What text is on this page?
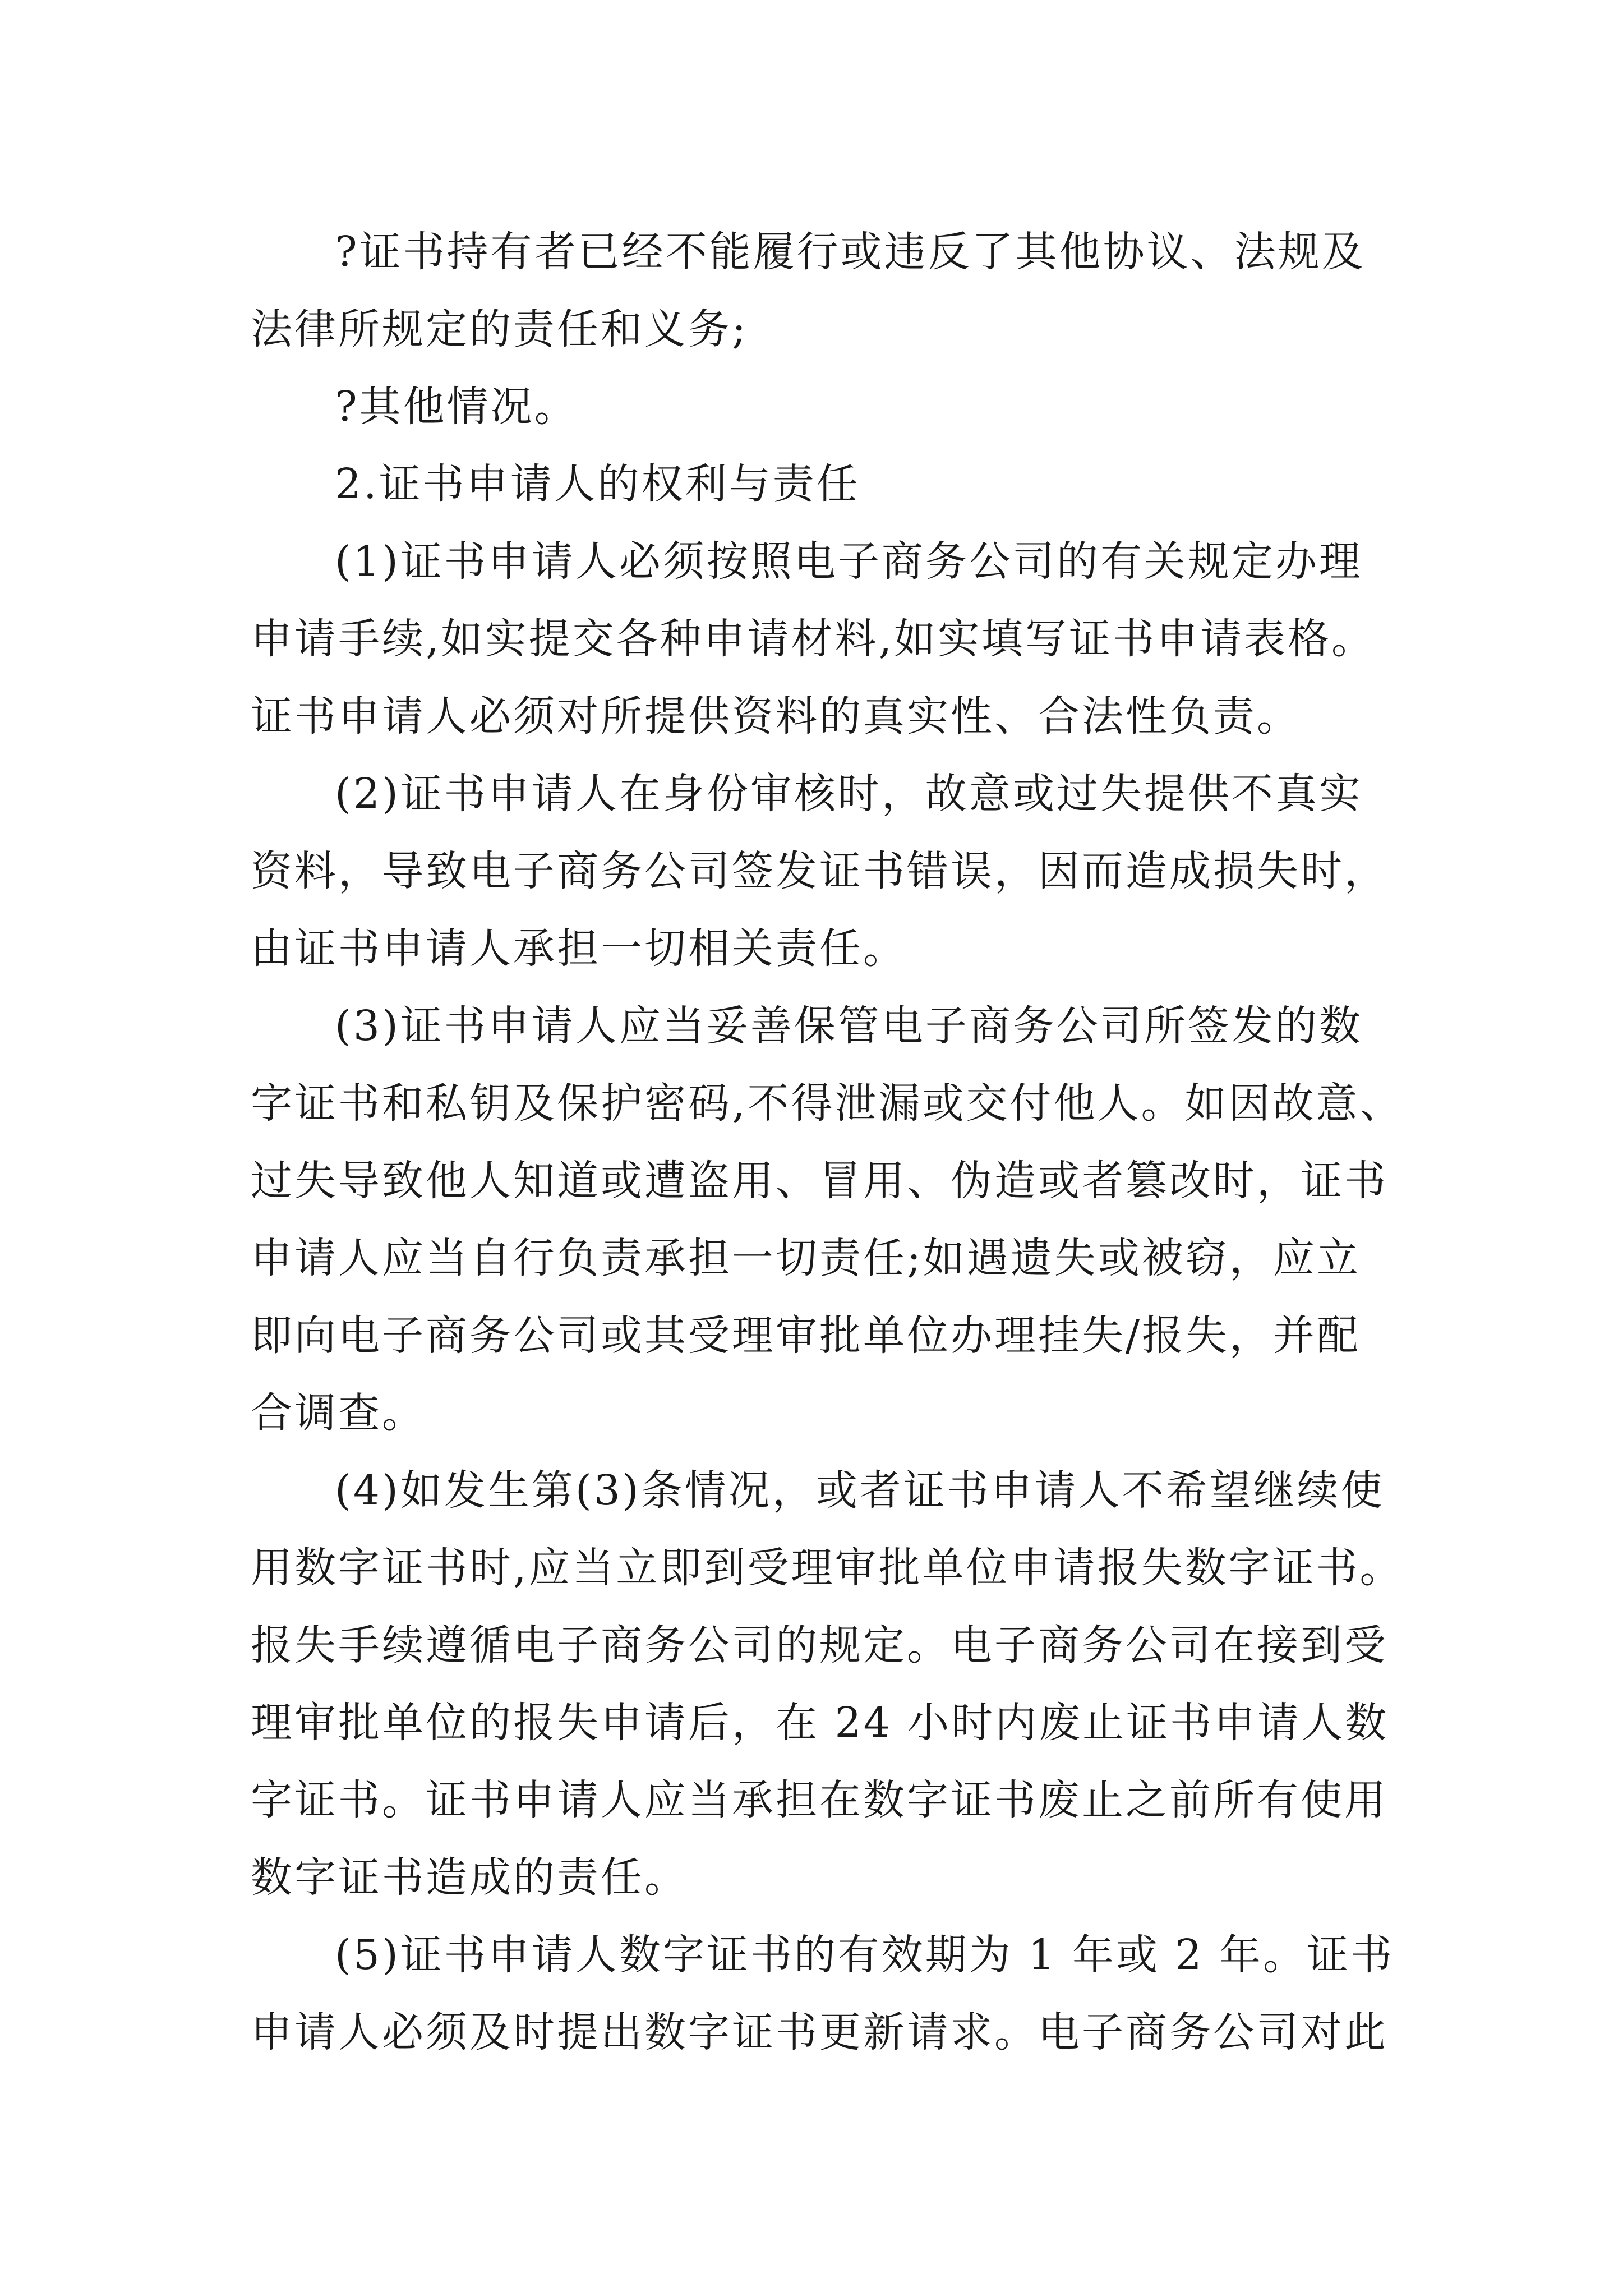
?证书持有者已经不能履行或违反了其他协议、法规及
法律所规定的责任和义务;

?其他情况。

2.证书申请人的权利与责任

(1)证书申请人必须按照电子商务公司的有关规定办理
申请手续,如实提交各种申请材料,如实填写证书申请表格。
证书申请人必须对所提供资料的真实性、合法性负责。

(2)证书申请人在身份审核时，故意或过失提供不真实
资料，导致电子商务公司签发证书错误，因而造成损失时，
由证书申请人承担一切相关责任。

(3)证书申请人应当妥善保管电子商务公司所签发的数
字证书和私钥及保护密码,不得泄漏或交付他人。如因故意、
过失导致他人知道或遭盗用、冒用、伪造或者篡改时，证书
申请人应当自行负责承担一切责任;如遇遗失或被窃，应立
即向电子商务公司或其受理审批单位办理挂失/报失，并配
合调查。

(4)如发生第(3)条情况，或者证书申请人不希望继续使
用数字证书时,应当立即到受理审批单位申请报失数字证书。
报失手续遵循电子商务公司的规定。电子商务公司在接到受
理审批单位的报失申请后，在 24 小时内废止证书申请人数
字证书。证书申请人应当承担在数字证书废止之前所有使用
数字证书造成的责任。

(5)证书申请人数字证书的有效期为 1 年或 2 年。证书
申请人必须及时提出数字证书更新请求。电子商务公司对此
